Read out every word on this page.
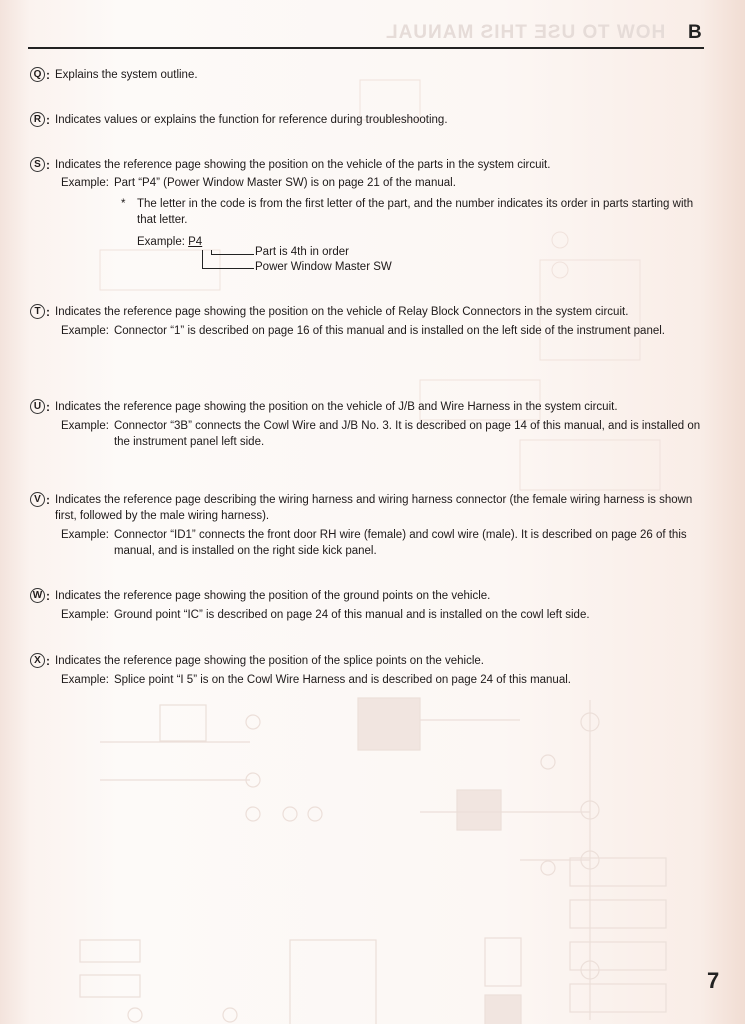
HOW TO USE THIS MANUAL B
Q : Explains the system outline.
R : Indicates values or explains the function for reference during troubleshooting.
S : Indicates the reference page showing the position on the vehicle of the parts in the system circuit.
Example: Part “P4” (Power Window Master SW) is on page 21 of the manual.
* The letter in the code is from the first letter of the part, and the number indicates its order in parts starting with that letter.
Example: P4
Part is 4th in order
Power Window Master SW
T : Indicates the reference page showing the position on the vehicle of Relay Block Connectors in the system circuit.
Example: Connector “1” is described on page 16 of this manual and is installed on the left side of the instrument panel.
U : Indicates the reference page showing the position on the vehicle of J/B and Wire Harness in the system circuit.
Example: Connector “3B” connects the Cowl Wire and J/B No. 3. It is described on page 14 of this manual, and is installed on the instrument panel left side.
V : Indicates the reference page describing the wiring harness and wiring harness connector (the female wiring harness is shown first, followed by the male wiring harness).
Example: Connector “ID1” connects the front door RH wire (female) and cowl wire (male). It is described on page 26 of this manual, and is installed on the right side kick panel.
W : Indicates the reference page showing the position of the ground points on the vehicle.
Example: Ground point “IC” is described on page 24 of this manual and is installed on the cowl left side.
X : Indicates the reference page showing the position of the splice points on the vehicle.
Example: Splice point “I 5” is on the Cowl Wire Harness and is described on page 24 of this manual.
7
